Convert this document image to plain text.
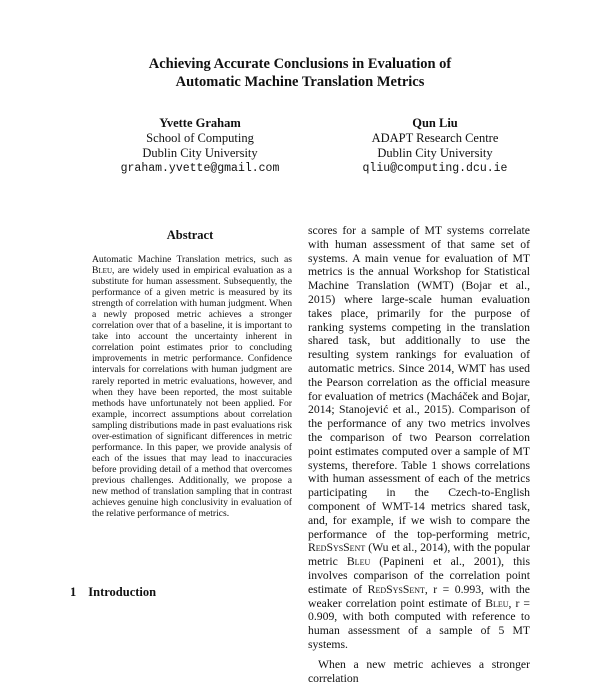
Achieving Accurate Conclusions in Evaluation of
Automatic Machine Translation Metrics
Yvette Graham
School of Computing
Dublin City University
graham.yvette@gmail.com
Qun Liu
ADAPT Research Centre
Dublin City University
qliu@computing.dcu.ie
Abstract
Automatic Machine Translation metrics, such as Bleu, are widely used in empirical evaluation as a substitute for human assessment. Subsequently, the performance of a given metric is measured by its strength of correlation with human judgment. When a newly proposed metric achieves a stronger correlation over that of a baseline, it is important to take into account the uncertainty inherent in correlation point estimates prior to concluding improvements in metric performance. Confidence intervals for correlations with human judgment are rarely reported in metric evaluations, however, and when they have been reported, the most suitable methods have unfortunately not been applied. For example, incorrect assumptions about correlation sampling distributions made in past evaluations risk over-estimation of significant differences in metric performance. In this paper, we provide analysis of each of the issues that may lead to inaccuracies before providing detail of a method that overcomes previous challenges. Additionally, we propose a new method of translation sampling that in contrast achieves genuine high conclusivity in evaluation of the relative performance of metrics.
1 Introduction

scores for a sample of MT systems correlate with human assessment of that same set of systems. A main venue for evaluation of MT metrics is the annual Workshop for Statistical Machine Translation (WMT) (Bojar et al., 2015) where large-scale human evaluation takes place, primarily for the purpose of ranking systems competing in the translation shared task, but additionally to use the resulting system rankings for evaluation of automatic metrics. Since 2014, WMT has used the Pearson correlation as the official measure for evaluation of metrics (Macháček and Bojar, 2014; Stanojević et al., 2015). Comparison of the performance of any two metrics involves the comparison of two Pearson correlation point estimates computed over a sample of MT systems, therefore. Table 1 shows correlations with human assessment of each of the metrics participating in the Czech-to-English component of WMT-14 metrics shared task, and, for example, if we wish to compare the performance of the top-performing metric, RedSysSent (Wu et al., 2014), with the popular metric Bleu (Papineni et al., 2001), this involves comparison of the correlation point estimate of RedSysSent, r = 0.993, with the weaker correlation point estimate of Bleu, r = 0.909, with both computed with reference to human assessment of a sample of 5 MT systems.

When a new metric achieves a stronger correlation
